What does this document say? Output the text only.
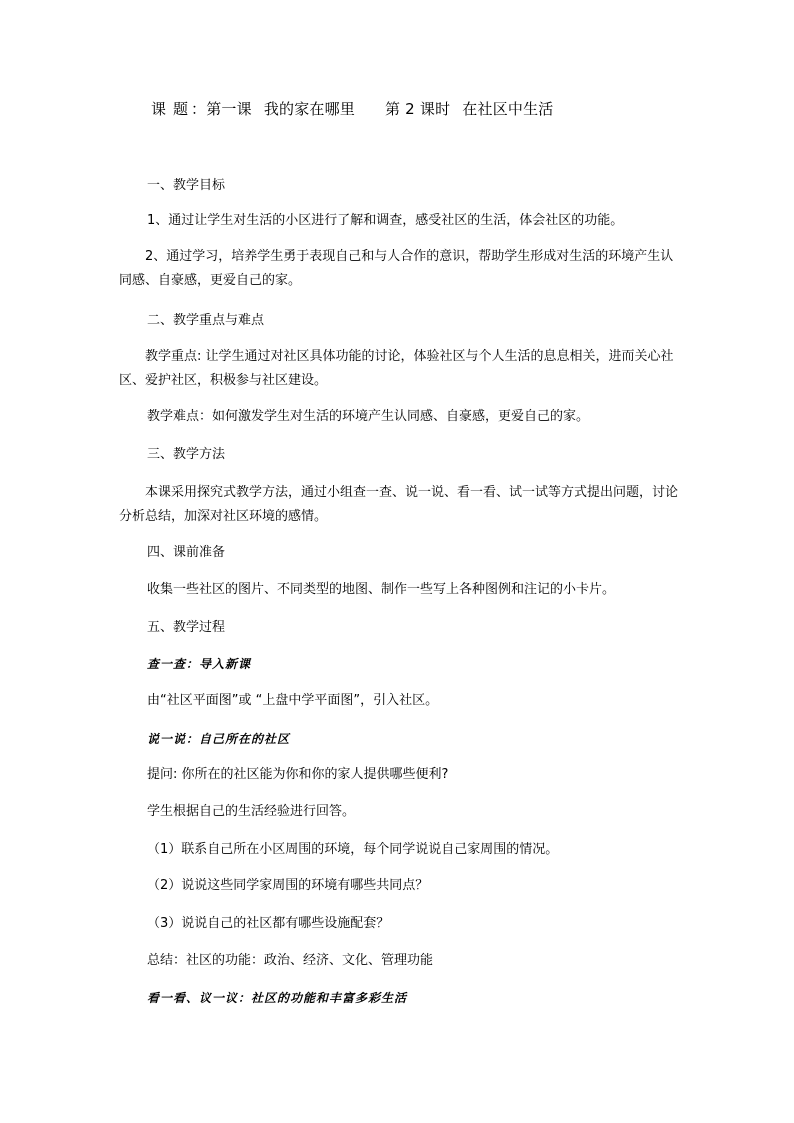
课 题 ：第一课 我的家在哪里 第 2 课时 在社区中生活

一、教学目标

1、通过让学生对生活的小区进行了解和调查，感受社区的生活，体会社区的功能。

2、通过学习，培养学生勇于表现自己和与人合作的意识，帮助学生形成对生活的环境产生认同感、自豪感，更爱自己的家。

二、教学重点与难点

教学重点: 让学生通过对社区具体功能的讨论，体验社区与个人生活的息息相关，进而关心社区、爱护社区，积极参与社区建设。

教学难点：如何激发学生对生活的环境产生认同感、自豪感，更爱自己的家。

三、教学方法

本课采用探究式教学方法，通过小组查一查、说一说、看一看、试一试等方式提出问题，讨论分析总结，加深对社区环境的感情。

四、课前准备

收集一些社区的图片、不同类型的地图、制作一些写上各种图例和注记的小卡片。

五、教学过程

查一查：导入新课

由“社区平面图”或 “上盘中学平面图”，引入社区。

说一说：自己所在的社区

提问: 你所在的社区能为你和你的家人提供哪些便利?

学生根据自己的生活经验进行回答。

（1）联系自己所在小区周围的环境，每个同学说说自己家周围的情况。

（2）说说这些同学家周围的环境有哪些共同点？

（3）说说自己的社区都有哪些设施配套？

总结：社区的功能：政治、经济、文化、管理功能

看一看、议一议：社区的功能和丰富多彩生活
